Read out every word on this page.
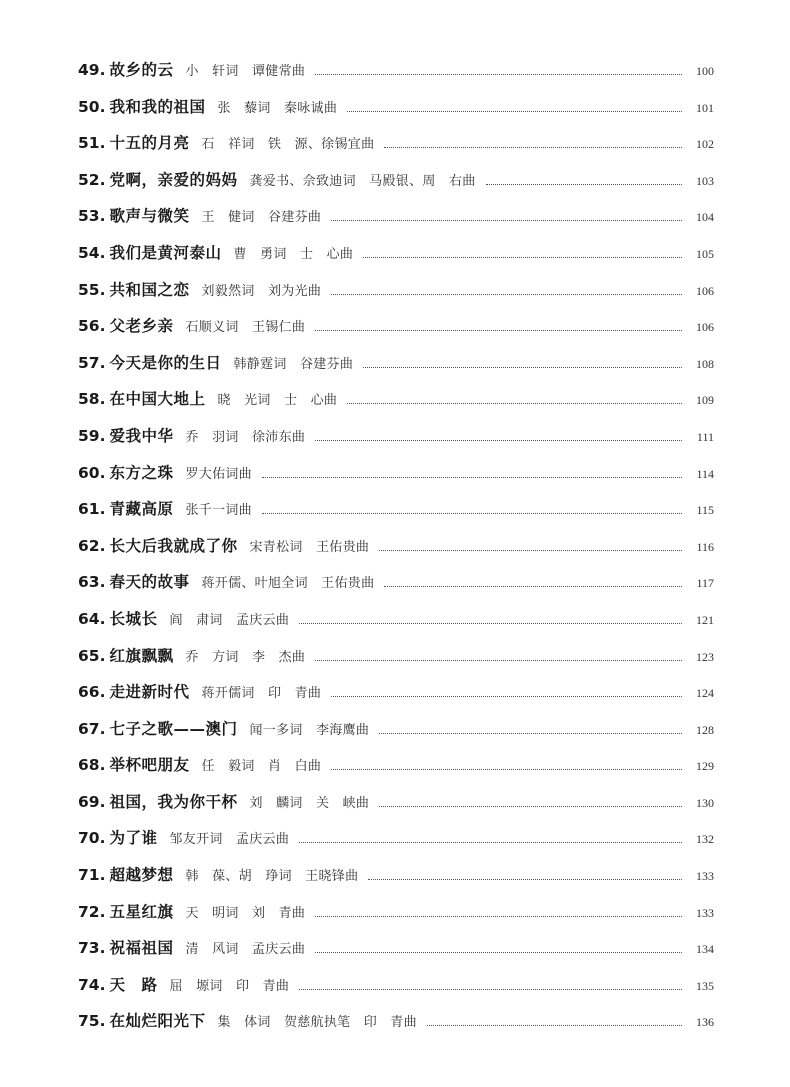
49. 故乡的云 小　轩词　谭健常曲	100
50. 我和我的祖国 张　藜词　秦咏诚曲	101
51. 十五的月亮 石　祥词　铁　源、徐锡宜曲	102
52. 党啊，亲爱的妈妈 龚爱书、佘致迪词　马殿银、周　右曲	103
53. 歌声与微笑 王　健词　谷建芬曲	104
54. 我们是黄河泰山 曹　勇词　士　心曲	105
55. 共和国之恋 刘毅然词　刘为光曲	106
56. 父老乡亲 石顺义词　王锡仁曲	106
57. 今天是你的生日 韩静霆词　谷建芬曲	108
58. 在中国大地上 晓　光词　士　心曲	109
59. 爱我中华 乔　羽词　徐沛东曲	111
60. 东方之珠 罗大佑词曲	114
61. 青藏高原 张千一词曲	115
62. 长大后我就成了你 宋青松词　王佑贵曲	116
63. 春天的故事 蒋开儒、叶旭全词　王佑贵曲	117
64. 长城长 阎　肃词　孟庆云曲	121
65. 红旗飘飘 乔　方词　李　杰曲	123
66. 走进新时代 蒋开儒词　印　青曲	124
67. 七子之歌——澳门 闻一多词　李海鹰曲	128
68. 举杯吧朋友 任　毅词　肖　白曲	129
69. 祖国，我为你干杯 刘　麟词　关　峡曲	130
70. 为了谁 邹友开词　孟庆云曲	132
71. 超越梦想 韩　葆、胡　琤词　王晓锋曲	133
72. 五星红旗 天　明词　刘　青曲	133
73. 祝福祖国 清　风词　孟庆云曲	134
74. 天　路 屈　塬词　印　青曲	135
75. 在灿烂阳光下 集　体词　贺慈航执笔　印　青曲	136
